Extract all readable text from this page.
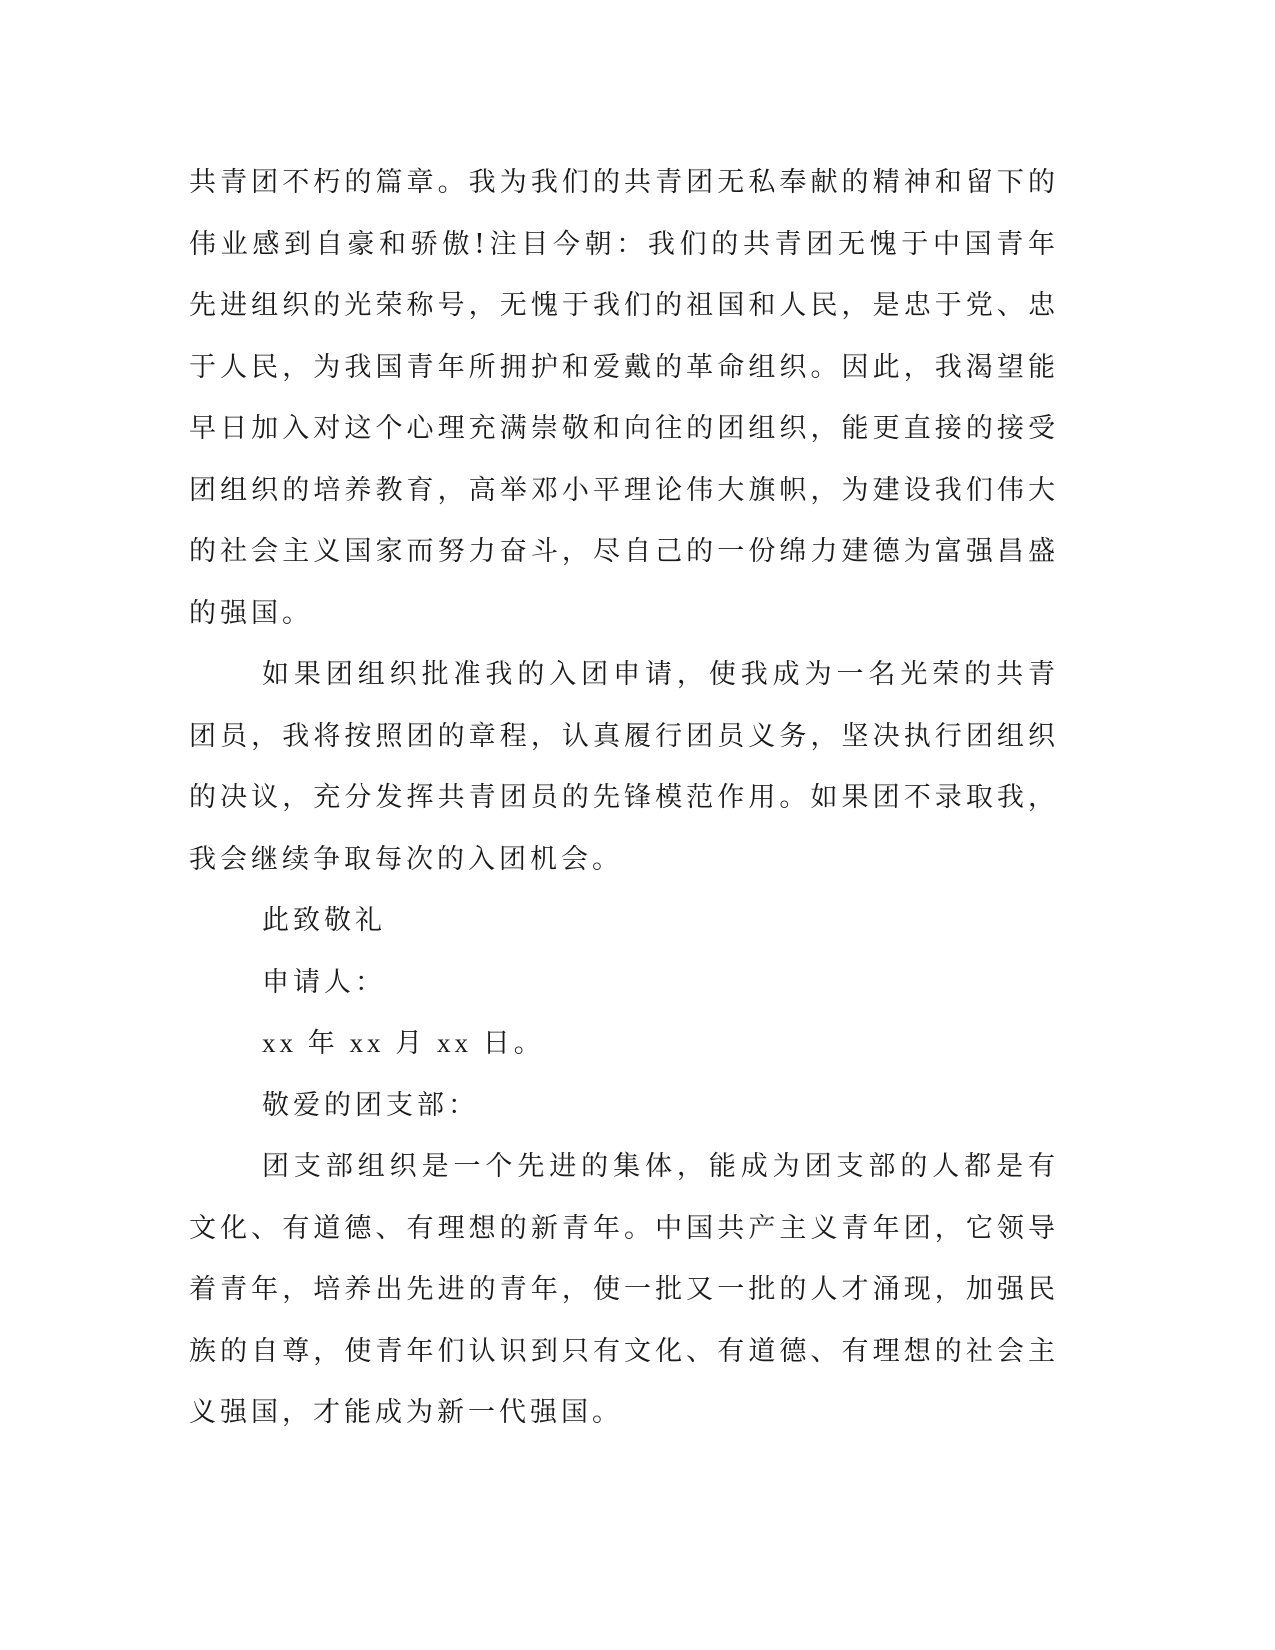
共青团不朽的篇章。我为我们的共青团无私奉献的精神和留下的伟业感到自豪和骄傲!注目今朝：我们的共青团无愧于中国青年先进组织的光荣称号，无愧于我们的祖国和人民，是忠于党、忠于人民，为我国青年所拥护和爱戴的革命组织。因此，我渴望能早日加入对这个心理充满崇敬和向往的团组织，能更直接的接受团组织的培养教育，高举邓小平理论伟大旗帜，为建设我们伟大的社会主义国家而努力奋斗，尽自己的一份绵力建德为富强昌盛的强国。

如果团组织批准我的入团申请，使我成为一名光荣的共青团员，我将按照团的章程，认真履行团员义务，坚决执行团组织的决议，充分发挥共青团员的先锋模范作用。如果团不录取我，我会继续争取每次的入团机会。

此致敬礼

申请人：

xx 年 xx 月 xx 日。

敬爱的团支部：

团支部组织是一个先进的集体，能成为团支部的人都是有文化、有道德、有理想的新青年。中国共产主义青年团，它领导着青年，培养出先进的青年，使一批又一批的人才涌现，加强民族的自尊，使青年们认识到只有文化、有道德、有理想的社会主义强国，才能成为新一代强国。
